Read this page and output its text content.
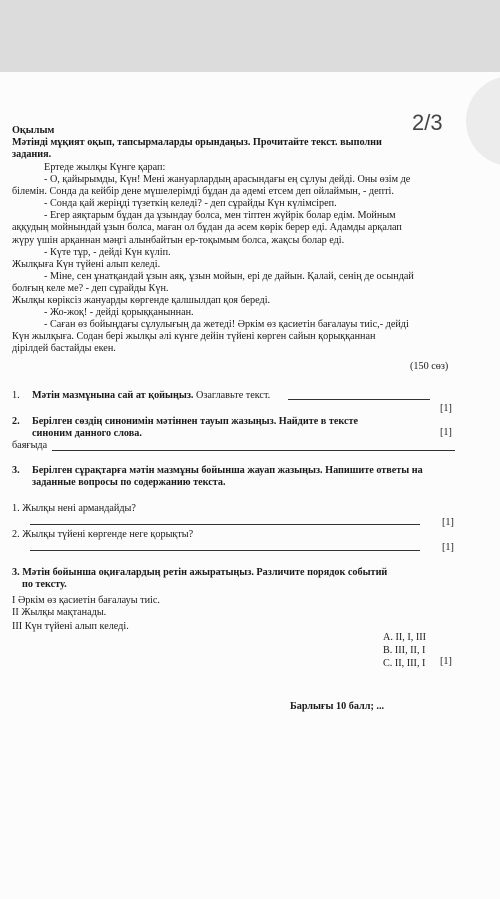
2/3
Оқылым
Мәтінді мұқият оқып, тапсырмаларды орындаңыз. Прочитайте текст. выполни
задания.

Ертеде жылқы Күнге қарап:

- О, қайырымды, Күн! Мені жануарлардың арасындағы ең сұлуы дейді. Оны өзім де

білемін. Сонда да кейбір дене мүшелерімді бұдан да әдемі етсем деп ойлаймын, - депті.

- Сонда қай жеріңді түзеткің келеді? - деп сұрайды Күн күлімсіреп.

- Егер аяқтарым бұдан да ұзындау болса, мен тіптен жүйрік болар едім. Мойным

аққудың мойнындай ұзын болса, маған ол бұдан да әсем көрік берер еді. Адамды арқалап

жүру үшін арқаннан мәңгі алынбайтын ер-тоқымым болса, жақсы болар еді.

- Күте тұр, - дейді Күн күліп.

Жылқыға Күн түйені алып келеді.

- Міне, сен ұнатқандай ұзын аяқ, ұзын мойын, ері де дайын. Қалай, сенің де осындай

болғың келе ме? - деп сұрайды Күн.

Жылқы көріксіз жануарды көргенде қалшылдап қоя береді.

- Жо-жоқ! - дейді қорыққаныннан.

- Саған өз бойыңдағы сұлулығың да жетеді! Әркім өз қасиетін бағалауы тиіс,- дейді

Күн жылқыға. Содан бері жылқы әлі күнге дейін түйені көрген сайын қорыққаннан

дірілдей бастайды екен.

(150 сөз)
1. Мәтін мазмұнына сай ат қойыңыз. Озаглавьте текст.
[1]
2. Берілген сөздің синонимін мәтіннен тауып жазыңыз. Найдите в тексте
синоним данного слова.	[1]
баяғыда
3. Берілген сұрақтарға мәтін мазмұны бойынша жауап жазыңыз. Напишите ответы на
заданные вопросы по содержанию текста.
1. Жылқы нені армандайды?
[1]
2. Жылқы түйені көргенде неге қорықты?
[1]
3. Мәтін бойынша оқиғалардың ретін ажыратыңыз. Различите порядок событий
по тексту.
І Әркім өз қасиетін бағалауы тиіс.
ІІ Жылқы мақтанады.
ІІІ Күн түйені алып келеді.
А. ІІ, І, ІІІ
В. ІІІ, ІІ, І
С. ІІ, ІІІ, І [1]
Барлығы 10 балл; ...
